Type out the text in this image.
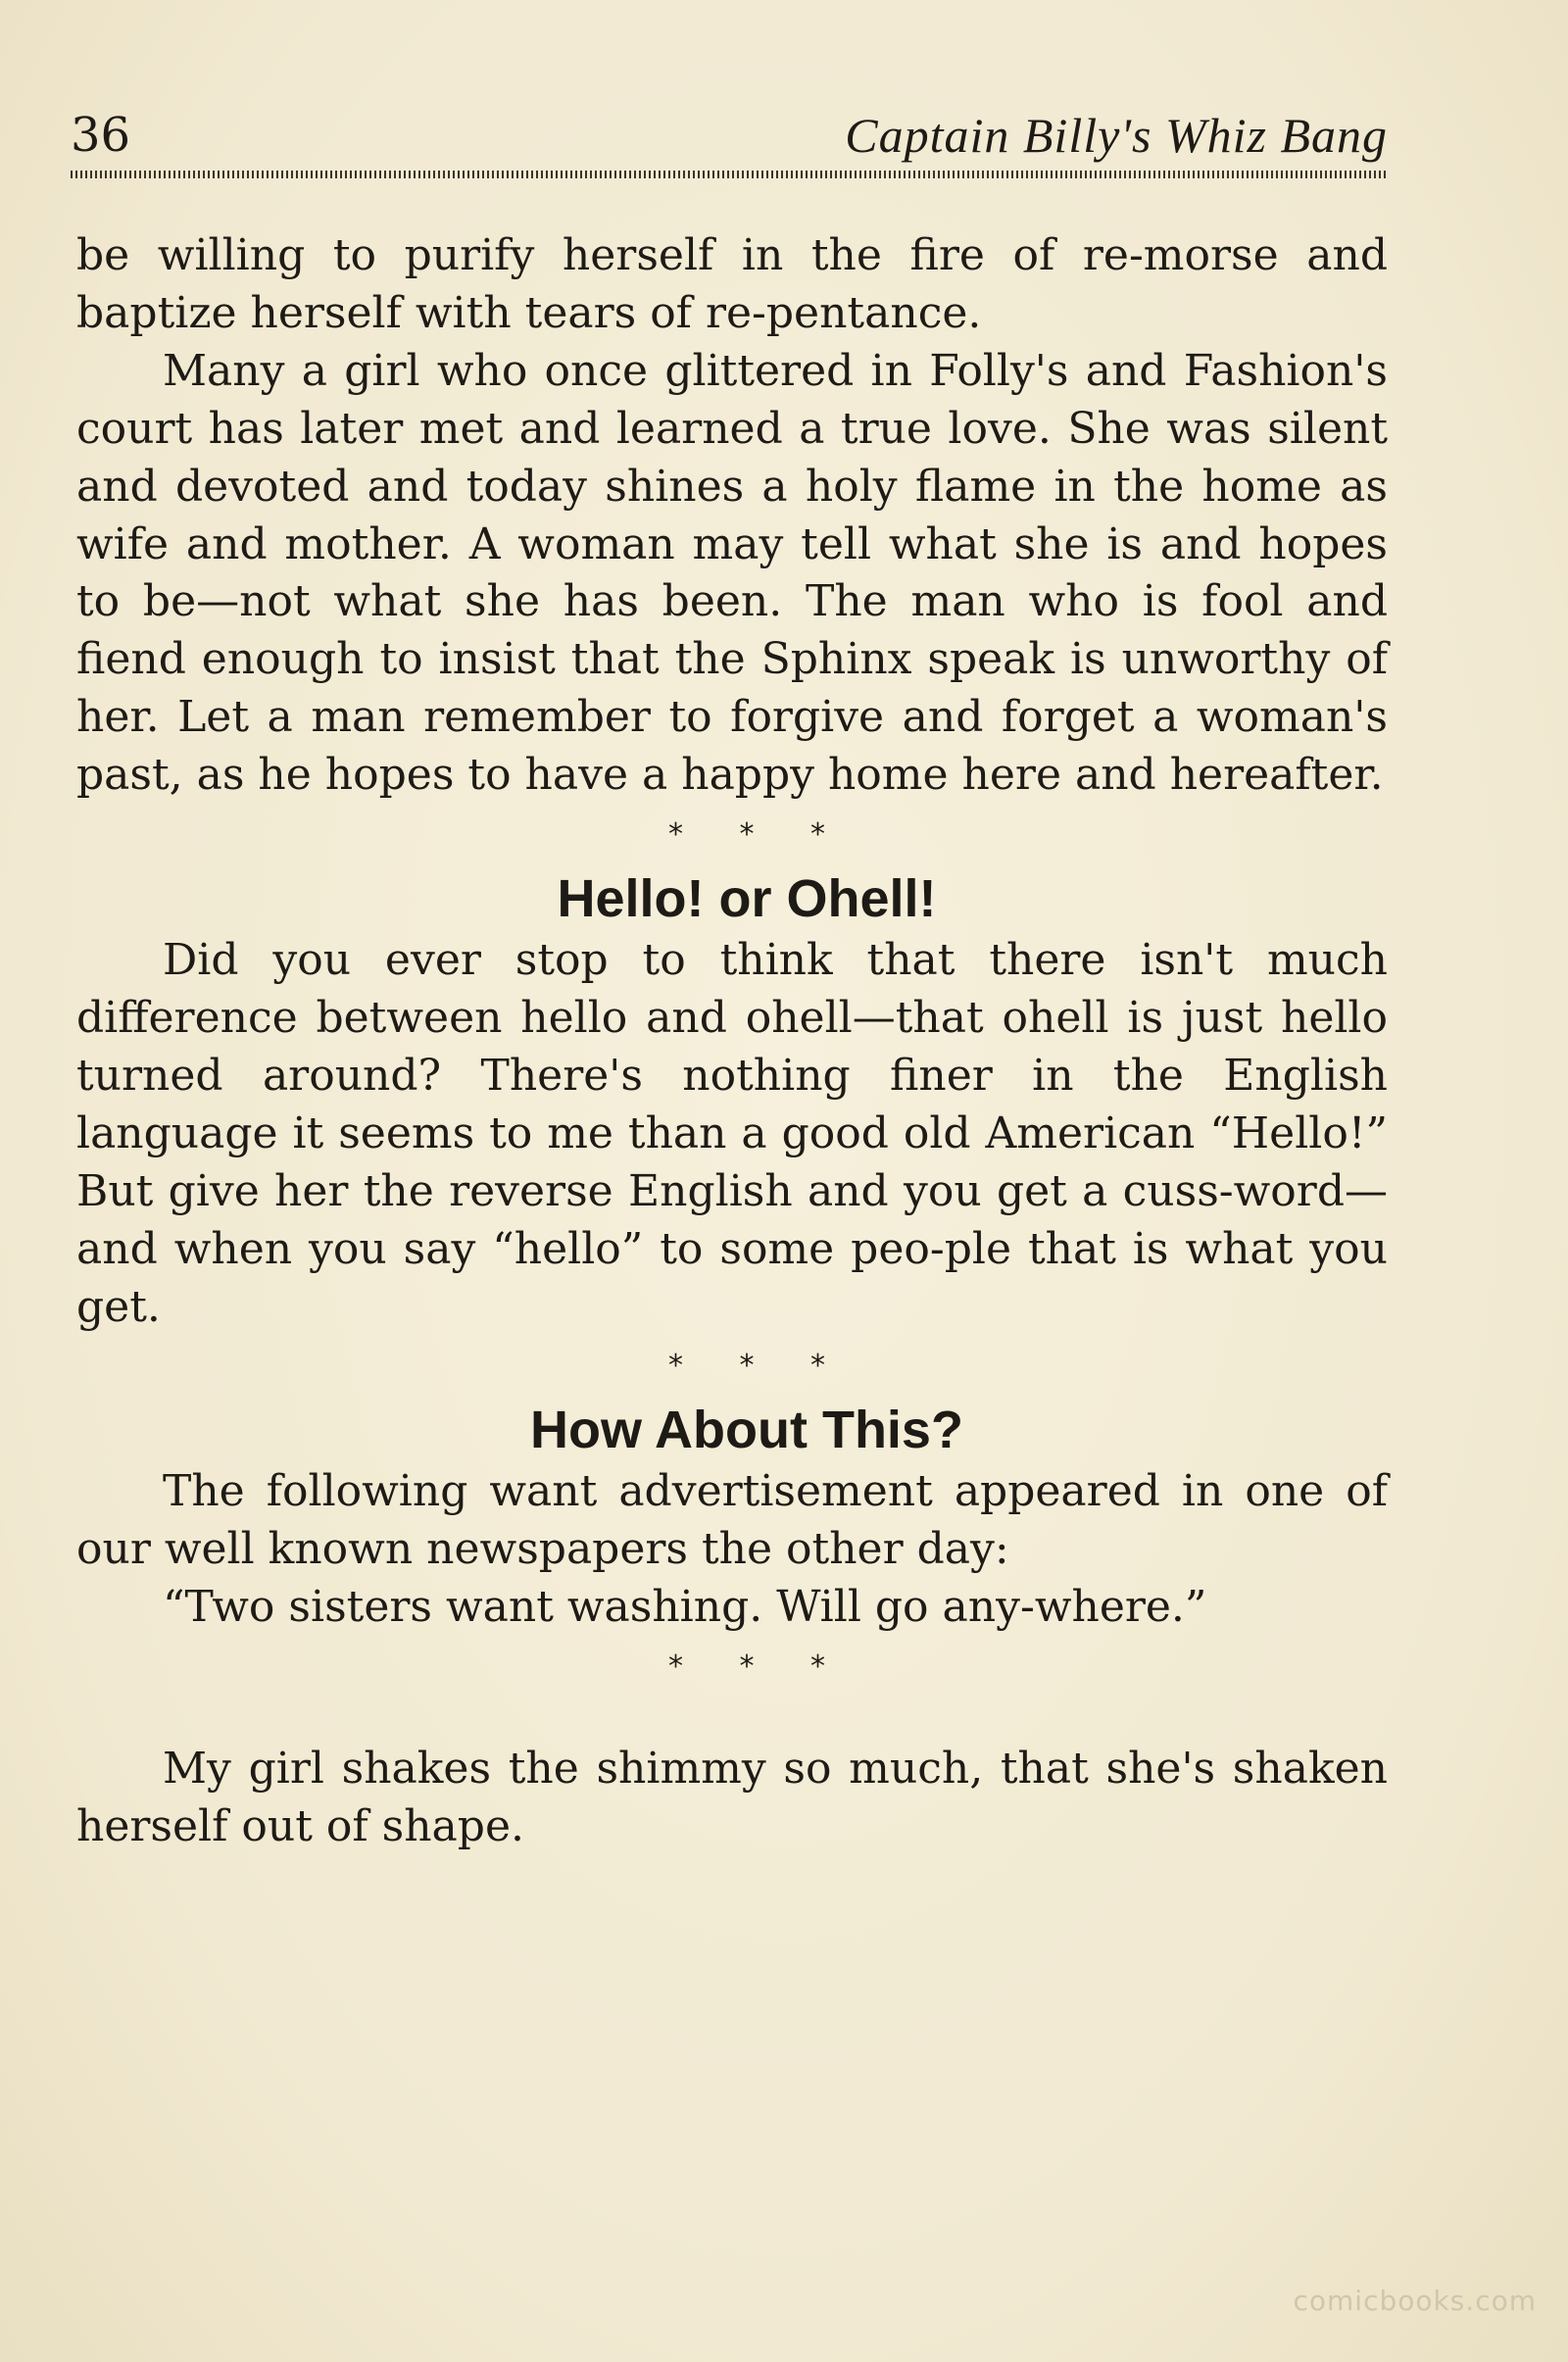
36	Captain Billy's Whiz Bang

be willing to purify herself in the fire of re-morse and baptize herself with tears of re-pentance.

Many a girl who once glittered in Folly's and Fashion's court has later met and learned a true love. She was silent and devoted and today shines a holy flame in the home as wife and mother. A woman may tell what she is and hopes to be—not what she has been. The man who is fool and fiend enough to insist that the Sphinx speak is unworthy of her. Let a man remember to forgive and forget a woman's past, as he hopes to have a happy home here and hereafter.

* * *
Hello! or Ohell!

Did you ever stop to think that there isn't much difference between hello and ohell—that ohell is just hello turned around? There's nothing finer in the English language it seems to me than a good old American “Hello!” But give her the reverse English and you get a cuss-word—and when you say “hello” to some peo-ple that is what you get.

* * *
How About This?

The following want advertisement appeared in one of our well known newspapers the other day:

“Two sisters want washing. Will go any-where.”

* * *

My girl shakes the shimmy so much, that she's shaken herself out of shape.

comicbooks.com
